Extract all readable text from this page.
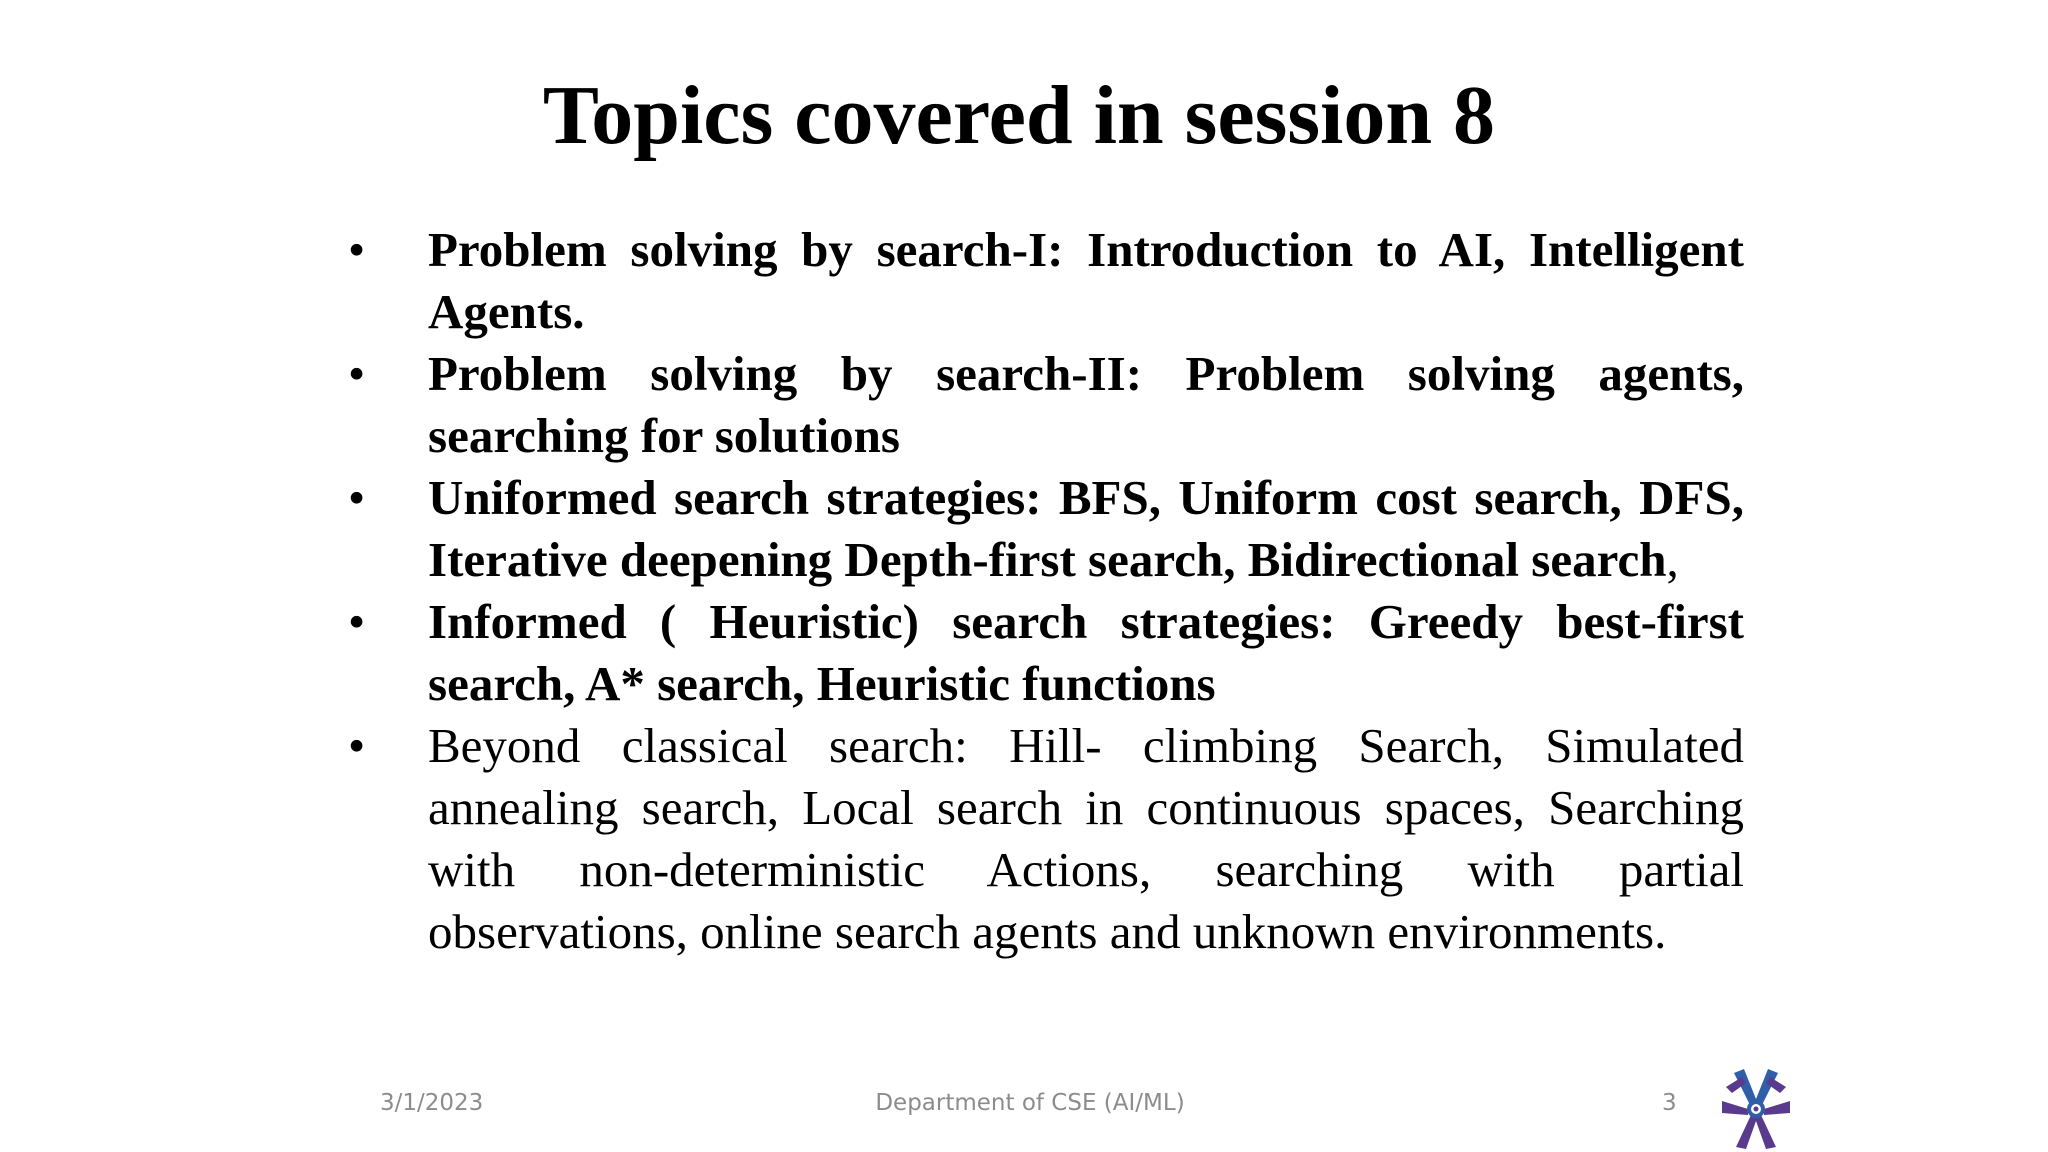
Topics covered in session 8
• Problem solving by search-I: Introduction to AI, Intelligent Agents.
• Problem solving by search-II: Problem solving agents, searching for solutions
• Uniformed search strategies: BFS, Uniform cost search, DFS, Iterative deepening Depth-first search, Bidirectional search,
• Informed ( Heuristic) search strategies: Greedy best-first search, A* search, Heuristic functions
• Beyond classical search: Hill- climbing Search, Simulated annealing search, Local search in continuous spaces, Searching with non-deterministic Actions, searching with partial observations, online search agents and unknown environments.
3/1/2023	Department of CSE (AI/ML)	3
